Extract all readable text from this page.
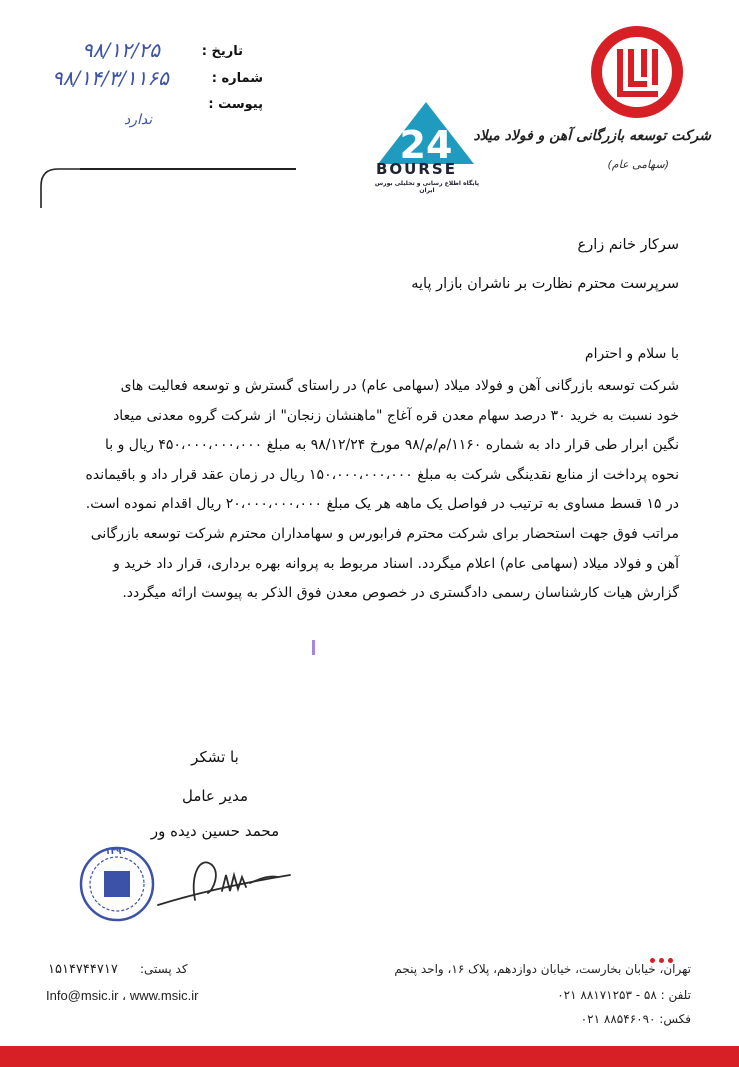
تاریخ :
شماره :
پیوست :
۹۸/۱۲/۲۵
۹۸/۱۴/۳/۱۱۶۵
ندارد
شرکت توسعه بازرگانی آهن و فولاد میلاد
(سهامی عام)
24
BOURSE
پایگاه اطلاع رسانی و تحلیلی بورس ایران
سرکار خانم زارع
سرپرست محترم نظارت بر ناشران بازار پایه
با سلام و احترام
شرکت توسعه بازرگانی آهن و فولاد میلاد (سهامی عام) در راستای گسترش و توسعه فعالیت های
خود نسبت به خرید ۳۰ درصد سهام معدن قره آغاج "ماهنشان زنجان" از شرکت گروه معدنی میعاد
نگین ابرار طی قرار داد به شماره ۱۱۶۰/م/م/۹۸ مورخ ۹۸/۱۲/۲۴ به مبلغ ۴۵۰،۰۰۰،۰۰۰،۰۰۰ ریال و با
نحوه پرداخت از منابع نقدینگی شرکت به مبلغ ۱۵۰،۰۰۰،۰۰۰،۰۰۰ ریال در زمان عقد قرار داد و باقیمانده
در ۱۵ قسط مساوی به ترتیب در فواصل یک ماهه هر یک مبلغ ۲۰،۰۰۰،۰۰۰،۰۰۰ ریال اقدام نموده است.
مراتب فوق جهت استحضار برای شرکت محترم فرابورس و سهامداران محترم شرکت توسعه بازرگانی
آهن و فولاد میلاد (سهامی عام) اعلام میگردد. اسناد مربوط به پروانه بهره برداری، قرار داد خرید و
گزارش هیات کارشناسان رسمی دادگستری در خصوص معدن فوق الذکر به پیوست ارائه میگردد.
با تشکر
مدیر عامل
محمد حسین دیده ور
۱۳۹۰
کد پستی:
۱۵۱۴۷۴۴۷۱۷
Info@msic.ir ، www.msic.ir
تهران، خیابان بخارست، خیابان دوازدهم، پلاک ۱۶، واحد پنجم
تلفن : ۵۸ - ۸۸۱۷۱۲۵۳ ۰۲۱
فکس: ۸۸۵۴۶۰۹۰ ۰۲۱
